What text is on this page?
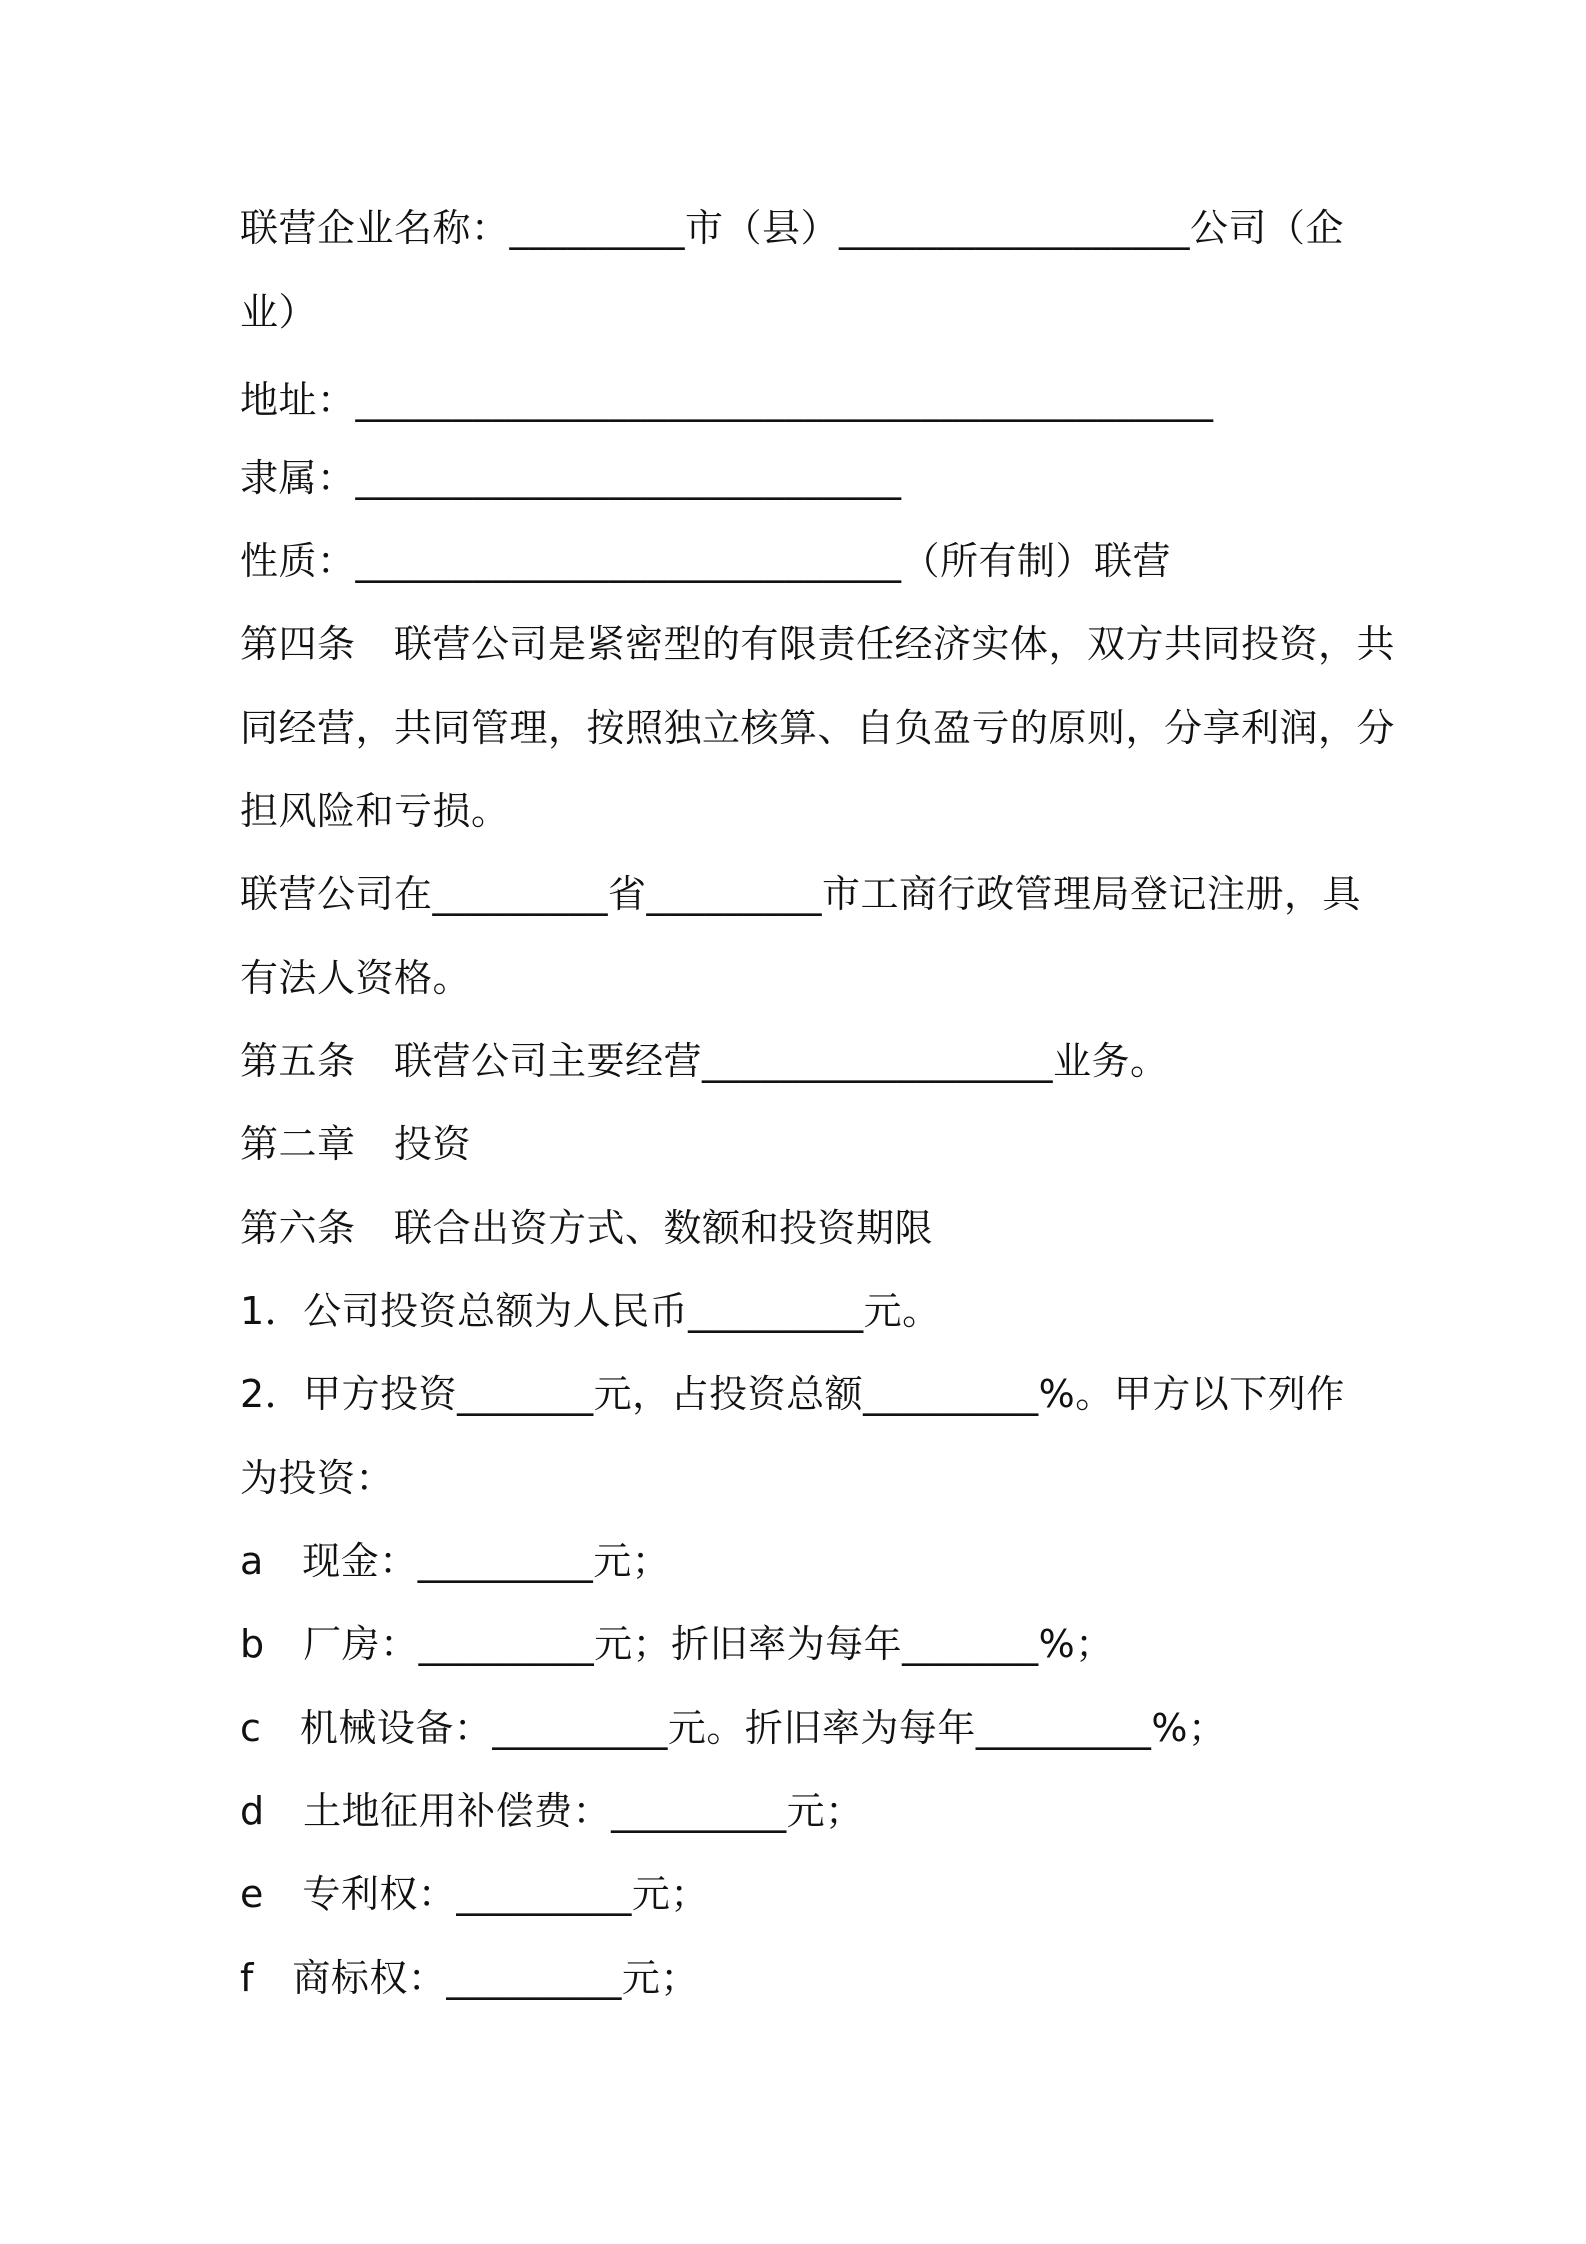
联营企业名称：_________市（县）__________________公司（企
业）
地址：____________________________________________
隶属：____________________________
性质：____________________________（所有制）联营
第四条　联营公司是紧密型的有限责任经济实体，双方共同投资，共
同经营，共同管理，按照独立核算、自负盈亏的原则，分享利润，分
担风险和亏损。
联营公司在_________省_________市工商行政管理局登记注册，具
有法人资格。
第五条　联营公司主要经营__________________业务。
第二章　投资
第六条　联合出资方式、数额和投资期限
1．公司投资总额为人民币_________元。
2．甲方投资_______元，占投资总额_________%。甲方以下列作
为投资：
a　现金：_________元；
b　厂房：_________元；折旧率为每年_______%；
c　机械设备：_________元。折旧率为每年_________%；
d　土地征用补偿费：_________元；
e　专利权：_________元；
f　商标权：_________元；
